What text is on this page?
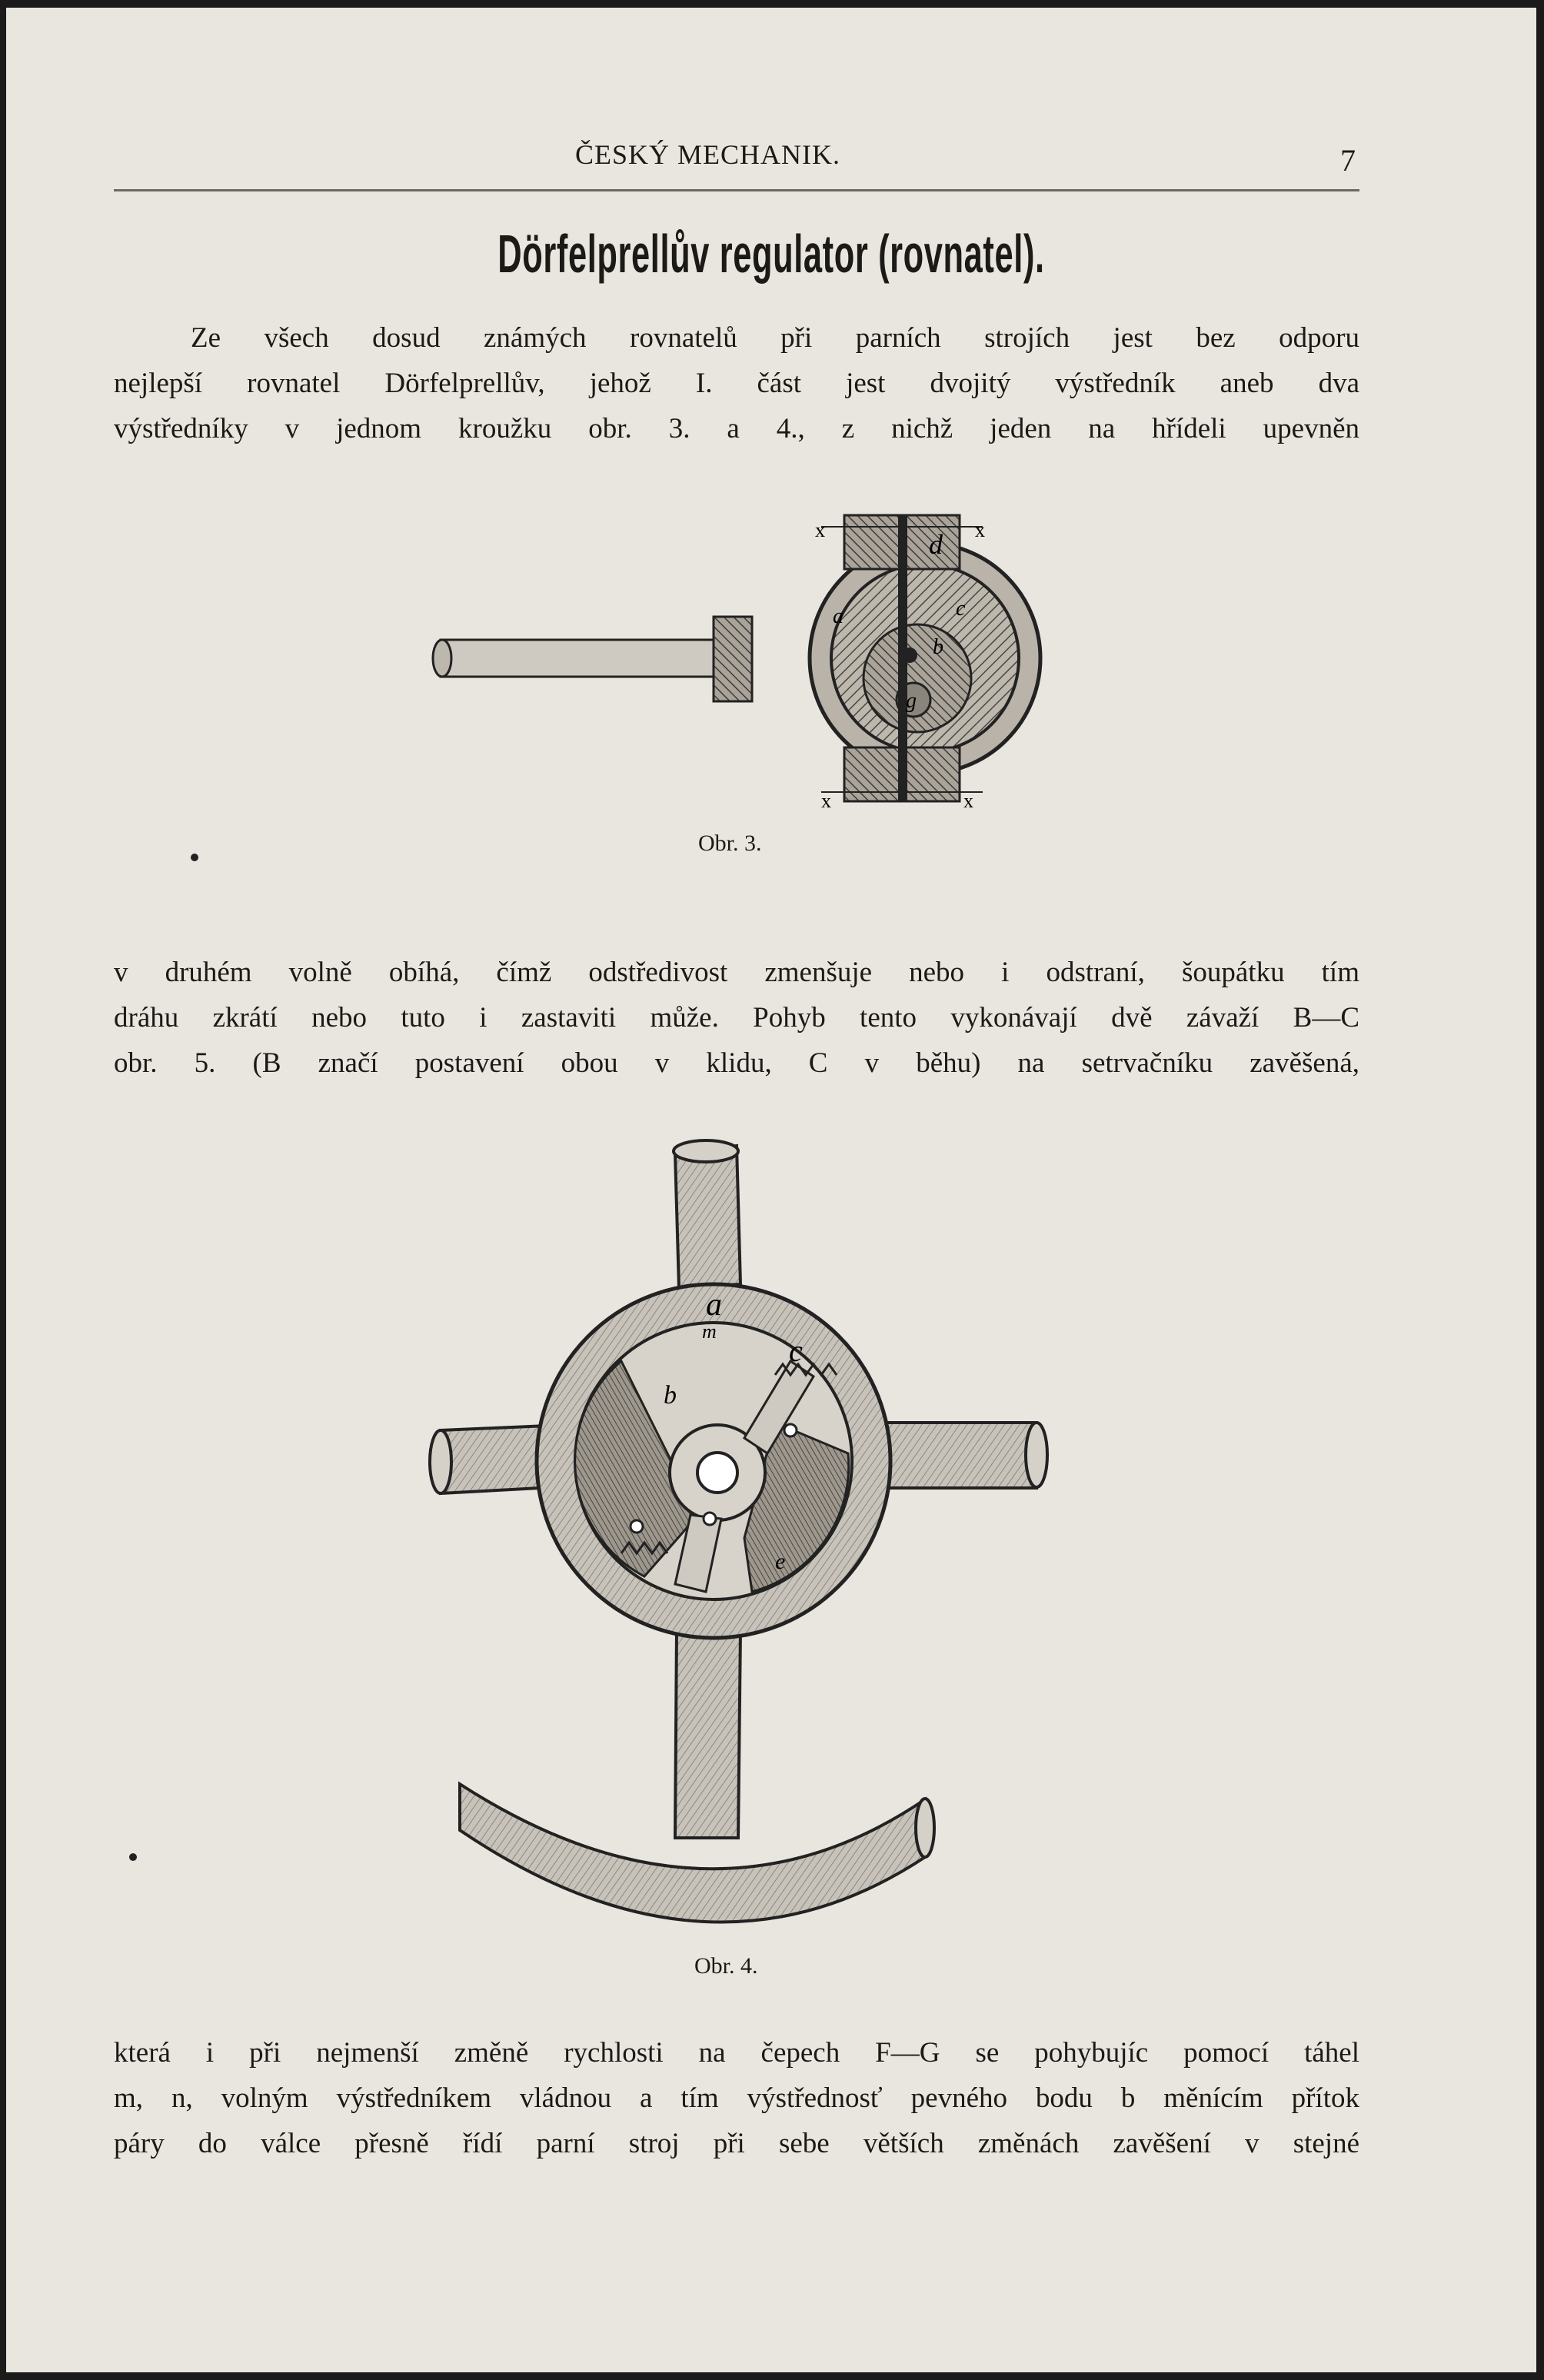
ČESKÝ MECHANIK.	7
Dörfelprellův regulator (rovnatel).
Ze všech dosud známých rovnatelů při parních strojích jest bez odporu
nejlepší rovnatel Dörfelprellův, jehož I. část jest dvojitý výstředník aneb dva
výstředníky v jednom kroužku obr. 3. a 4., z nichž jeden na hřídeli upevněn
x	x
x	x
d
a
b
c
g
Obr. 3.
v druhém volně obíhá, čímž odstředivost zmenšuje nebo i odstraní, šoupátku tím
dráhu zkrátí nebo tuto i zastaviti může. Pohyb tento vykonávají dvě závaží B—C
obr. 5. (B značí postavení obou v klidu, C v běhu) na setrvačníku zavěšená,
a
c
b
e
m
Obr. 4.
která i při nejmenší změně rychlosti na čepech F—G se pohybujíc pomocí táhel
m, n, volným výstředníkem vládnou a tím výstřednosť pevného bodu b měnícím přítok
páry do válce přesně řídí parní stroj při sebe větších změnách zavěšení v stejné
